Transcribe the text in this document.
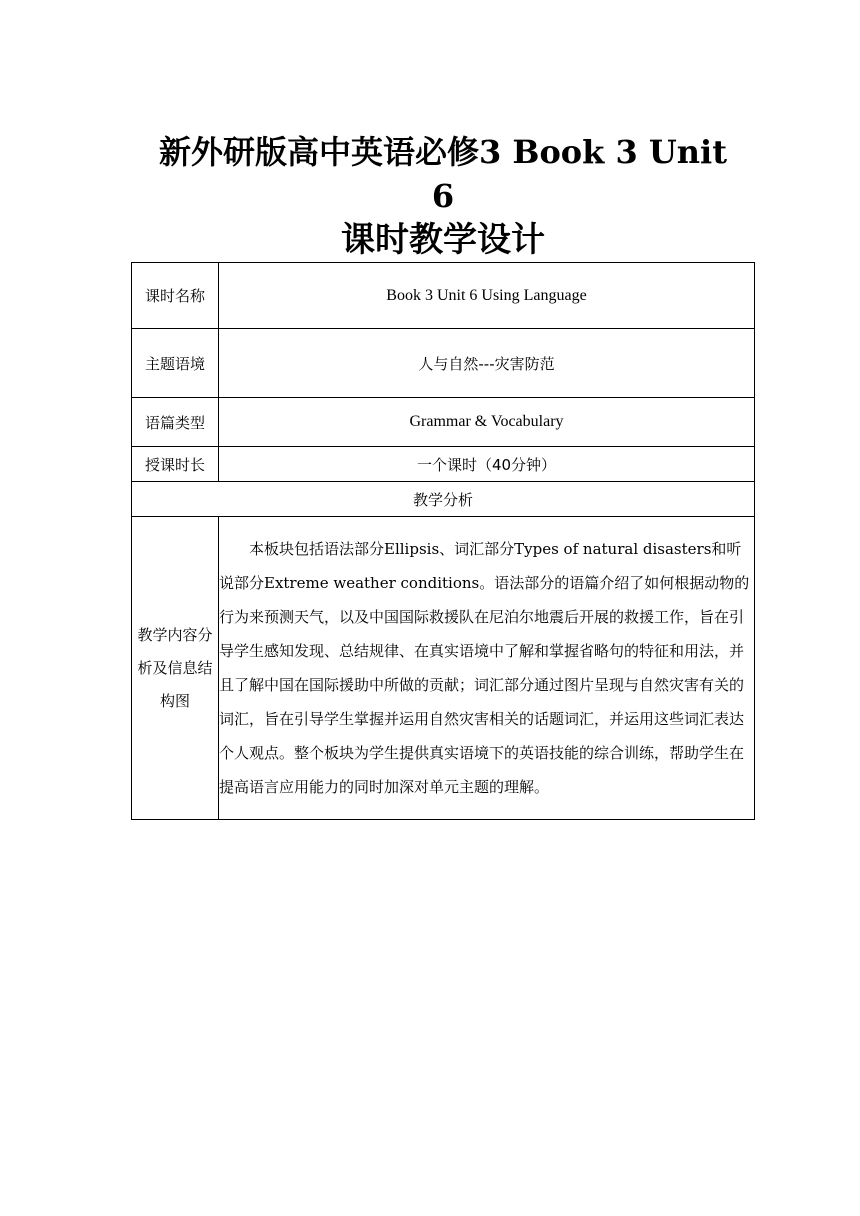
新外研版高中英语必修3 Book 3 Unit
6
课时教学设计
课时名称	Book 3 Unit 6 Using Language
主题语境	人与自然---灾害防范
语篇类型	Grammar & Vocabulary
授课时长	一个课时（40分钟）
教学分析	
教学内容分析及信息结构图	本板块包括语法部分Ellipsis、词汇部分Types of natural disasters和听说部分Extreme weather conditions。语法部分的语篇介绍了如何根据动物的行为来预测天气，以及中国国际救援队在尼泊尔地震后开展的救援工作，旨在引导学生感知发现、总结规律、在真实语境中了解和掌握省略句的特征和用法，并且了解中国在国际援助中所做的贡献；词汇部分通过图片呈现与自然灾害有关的词汇，旨在引导学生掌握并运用自然灾害相关的话题词汇，并运用这些词汇表达个人观点。整个板块为学生提供真实语境下的英语技能的综合训练，帮助学生在提高语言应用能力的同时加深对单元主题的理解。
